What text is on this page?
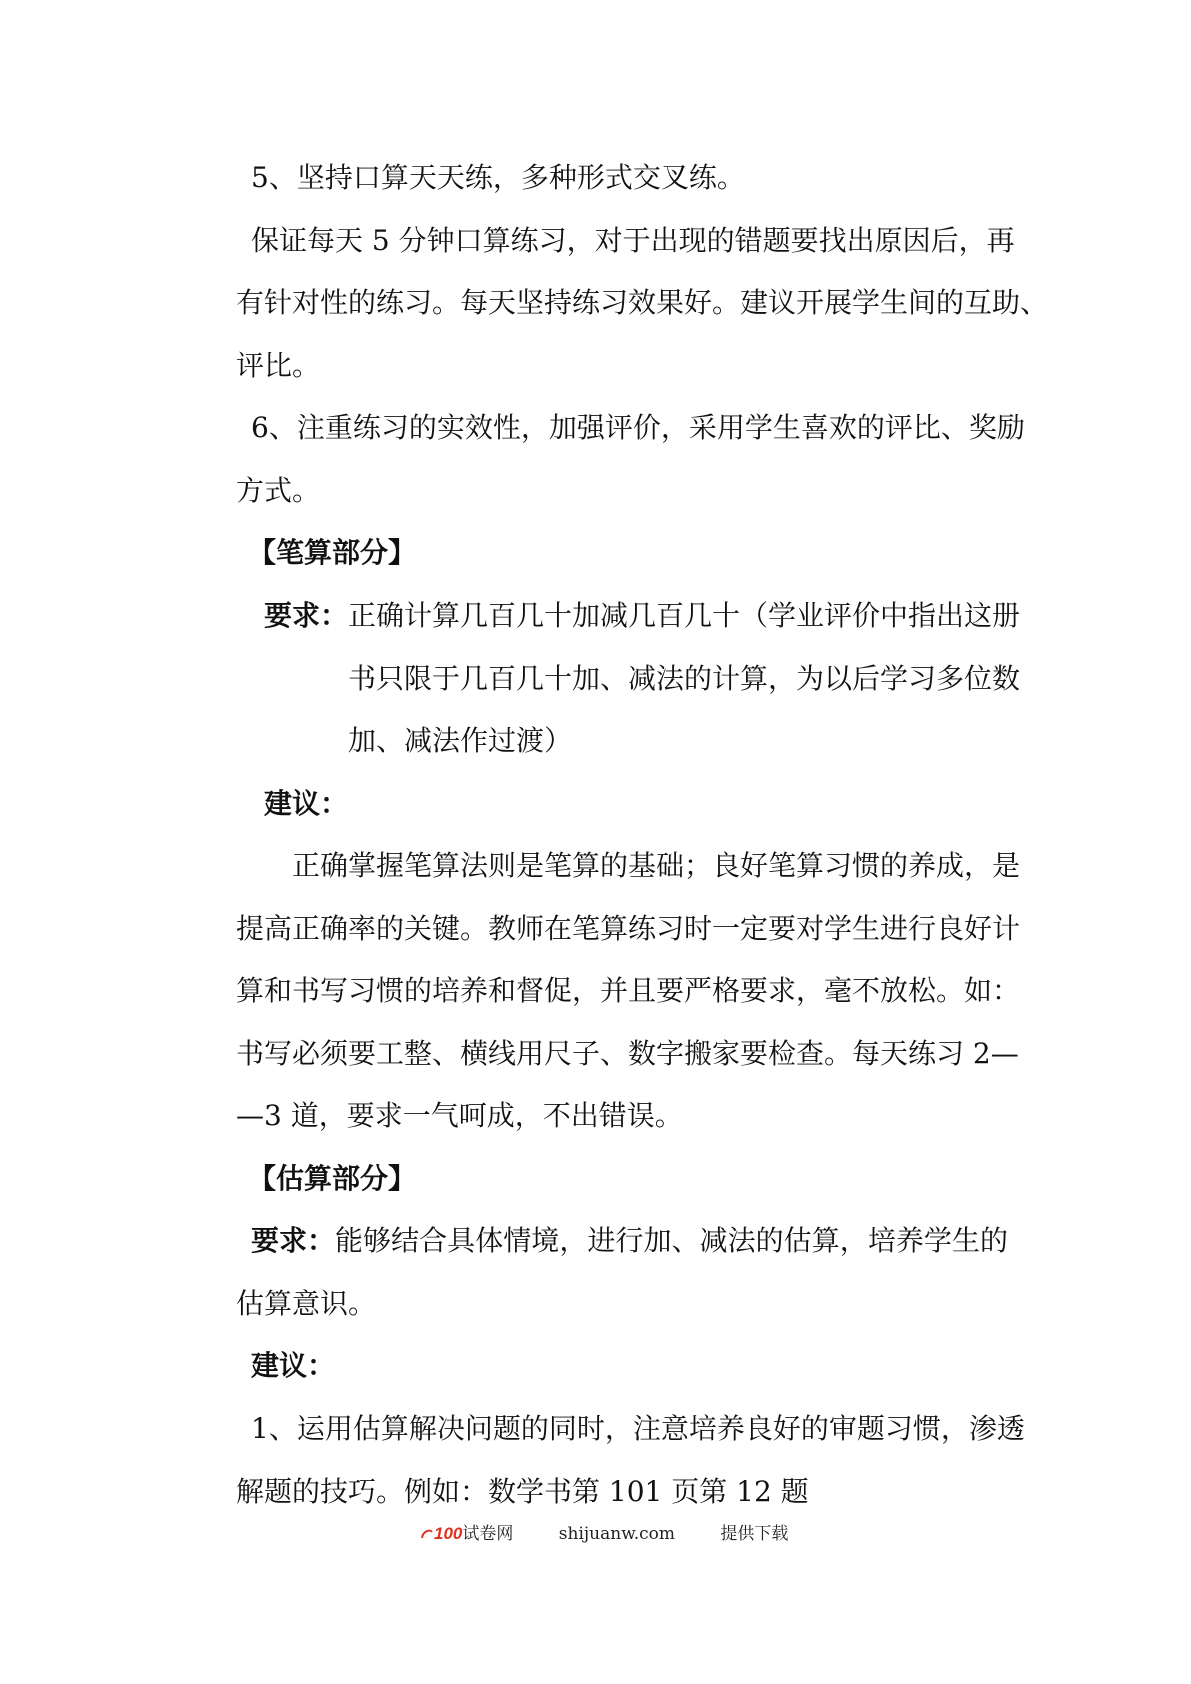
5、坚持口算天天练，多种形式交叉练。

保证每天 5 分钟口算练习，对于出现的错题要找出原因后，再

有针对性的练习。每天坚持练习效果好。建议开展学生间的互助、

评比。

6、注重练习的实效性，加强评价，采用学生喜欢的评比、奖励

方式。

【笔算部分】

要求： 正确计算几百几十加减几百几十（学业评价中指出这册

书只限于几百几十加、减法的计算，为以后学习多位数

加、减法作过渡）

建议：

正确掌握笔算法则是笔算的基础；良好笔算习惯的养成，是

提高正确率的关键。教师在笔算练习时一定要对学生进行良好计

算和书写习惯的培养和督促，并且要严格要求，毫不放松。如：

书写必须要工整、横线用尺子、数字搬家要检查。每天练习 2—

—3 道，要求一气呵成，不出错误。

【估算部分】

要求： 能够结合具体情境，进行加、减法的估算，培养学生的

估算意识。

建议：

1、运用估算解决问题的同时，注意培养良好的审题习惯，渗透

解题的技巧。例如：数学书第 101 页第 12 题

100试卷网	shijuanw.com	提供下载
